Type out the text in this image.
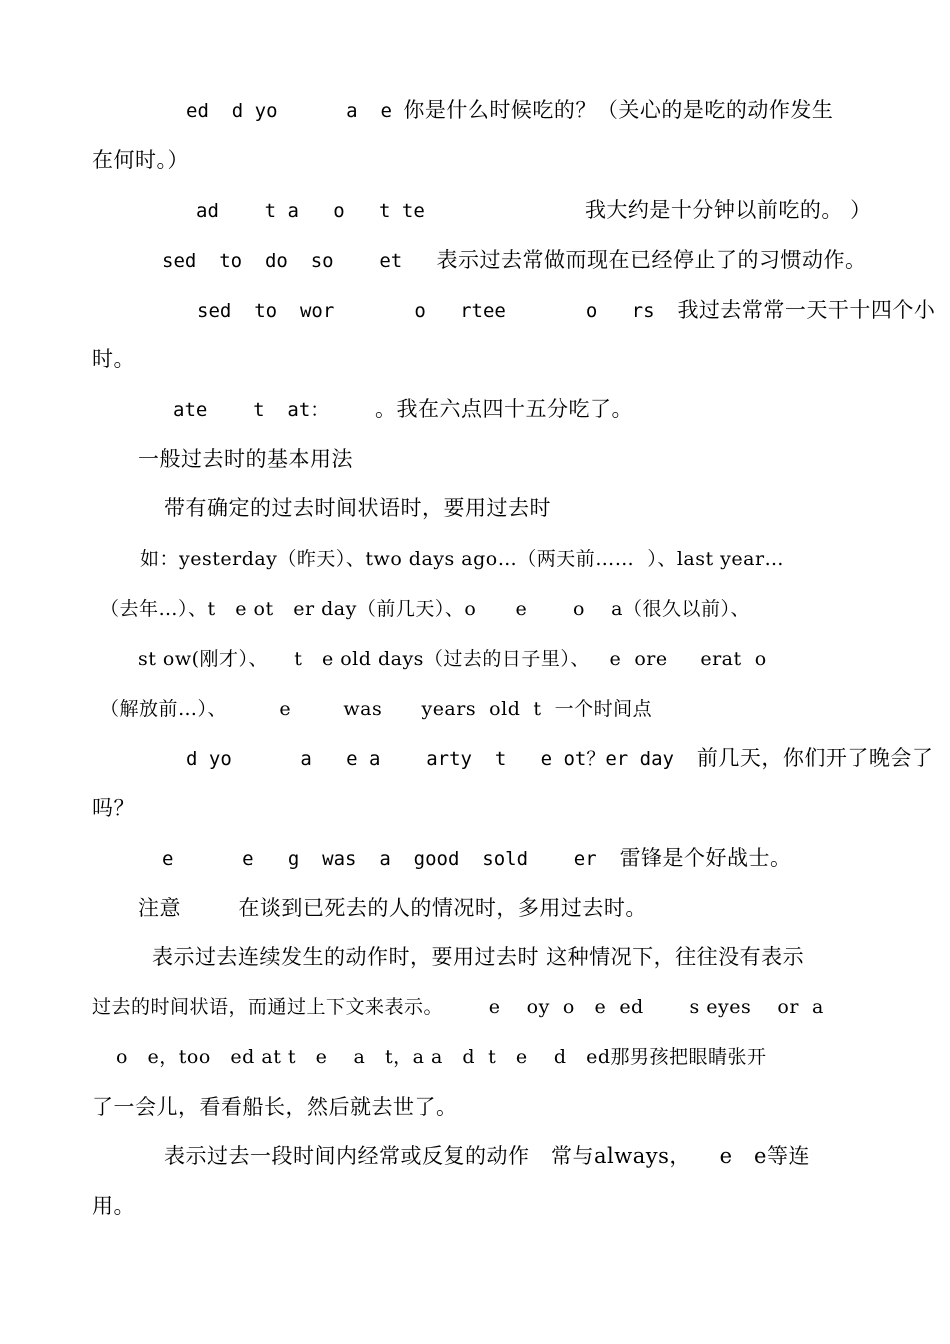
ed  d yo      a  e 你是什么时候吃的？（关心的是吃的动作发生
在何时。）
ad    t a   o   t te              我大约是十分钟以前吃的。 ）
sed  to  do  so    et   表示过去常做而现在已经停止了的习惯动作。
sed  to  wor       o   rtee       o   rs  我过去常常一天干十四个小
时。
ate    t  at：    。我在六点四十五分吃了。
一般过去时的基本用法
带有确定的过去时间状语时，要用过去时
如：yesterday（昨天）、two days ago…（两天前……  ）、last year…
（去年…）、t   e ot   er day（前几天）、o      e       o    a（很久以前）、
st ow(刚才）、    t   e old days（过去的日子里）、   e  ore     erat  o
（解放前…）、        e        was      years  old  t  一个时间点
d yo      a   e a    arty  t   e ot？er day  前几天，你们开了晚会了
吗？
e      e   g  was  a  good  sold    er  雷锋是个好战士。
注意        在谈到已死去的人的情况时，多用过去时。
表示过去连续发生的动作时，要用过去时 这种情况下，往往没有表示
过去的时间状语，而通过上下文来表示。       e    oy  o   e  ed       s eyes    or  a
o   e，too   ed at t   e    a   t，a a   d  t   e    d   ed那男孩把眼睛张开
了一会儿，看看船长，然后就去世了。
表示过去一段时间内经常或反复的动作   常与always，    e   e等连
用。
